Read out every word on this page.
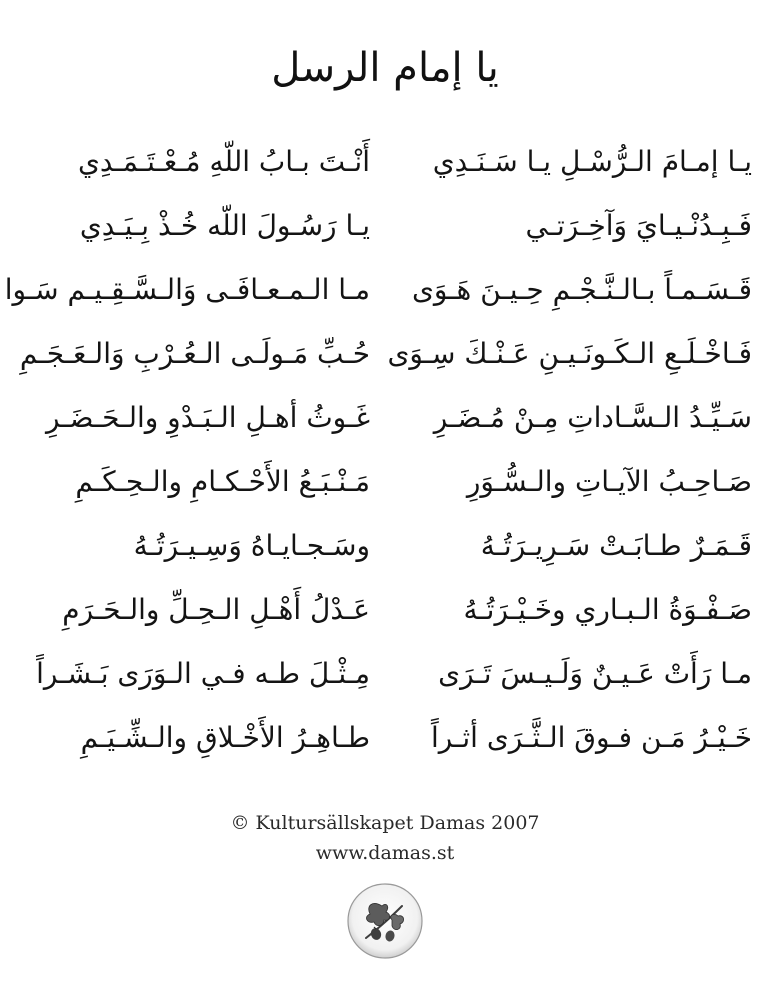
يا إمام الرسل
يـا إمـامَ الـرُّسْـلِ يـا سَـنَـدِي
أَنْـتَ بـابُ اللّهِ مُـعْـتَـمَـدِي
فَـبِـدُنْـيـايَ وَآخِـرَتـي
يـا رَسُـولَ اللّه خُـذْ بِـيَـدِي
قَـسَـمـاً بـالـنَّـجْـمِ حِـيـنَ هَـوَى
مـا الـمـعـافَـى وَالـسَّـقِـيـم سَـوا
فَـاخْـلَـعِ الـكَـونَـيـنِ عَـنْـكَ سِـوَى
حُـبِّ مَـولَـى الـعُـرْبِ وَالـعَـجَـمِ
سَـيِّـدُ الـسَّـاداتِ مِـنْ مُـضَـرِ
غَـوثُ أهـلِ الـبَـدْوِ والـحَـضَـرِ
صَـاحِـبُ الآيـاتِ والـسُّـوَرِ
مَـنْـبَـعُ الأَحْـكـامِ والـحِـكَـمِ
قَـمَـرٌ طـابَـتْ سَـرِيـرَتُـهُ
وسَـجـايـاهُ وَسِـيـرَتُـهُ
صَـفْـوَةُ الـبـاري وخَـيْـرَتُـهُ
عَـدْلُ أَهْـلِ الـحِـلِّ والـحَـرَمِ
مـا رَأَتْ عَـيـنٌ وَلَـيـسَ تَـرَى
مِـثْـلَ طـه فـي الـوَرَى بَـشَـراً
خَـيْـرُ مَـن فـوقَ الـثَّـرَى أثـراً
طـاهِـرُ الأَخْـلاقِ والـشِّـيَـمِ
© Kultursällskapet Damas 2007
www.damas.st
